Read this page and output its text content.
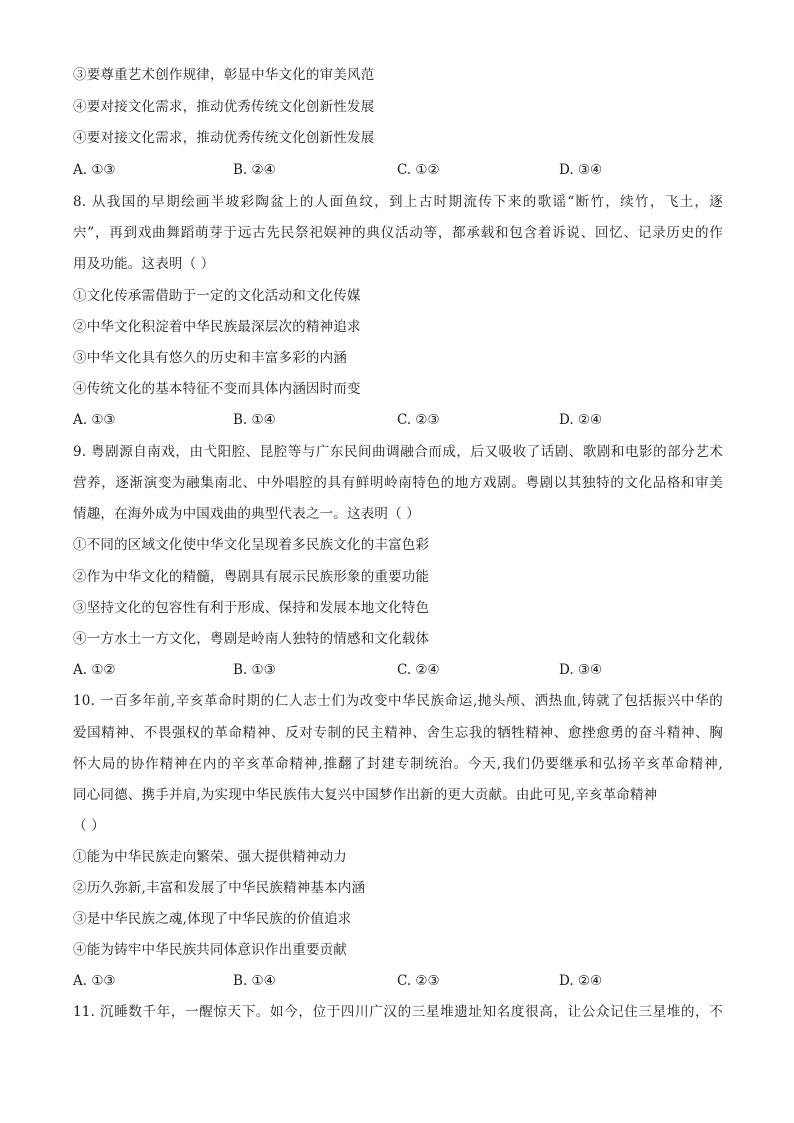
③要尊重艺术创作规律，彰显中华文化的审美风范
④要对接文化需求，推动优秀传统文化创新性发展
④要对接文化需求，推动优秀传统文化创新性发展
A. ①③	B. ②④	C. ①②	D. ③④
8. 从我国的早期绘画半坡彩陶盆上的人面鱼纹，到上古时期流传下来的歌谣“断竹，续竹，飞土，逐
宍”，再到戏曲舞蹈萌芽于远古先民祭祀娱神的典仪活动等，都承载和包含着诉说、回忆、记录历史的作
用及功能。这表明（ ）
①文化传承需借助于一定的文化活动和文化传媒
②中华文化积淀着中华民族最深层次的精神追求
③中华文化具有悠久的历史和丰富多彩的内涵
④传统文化的基本特征不变而具体内涵因时而变
A. ①③	B. ①④	C. ②③	D. ②④
9. 粤剧源自南戏，由弋阳腔、昆腔等与广东民间曲调融合而成，后又吸收了话剧、歌剧和电影的部分艺术
营养，逐渐演变为融集南北、中外唱腔的具有鲜明岭南特色的地方戏剧。粤剧以其独特的文化品格和审美
情趣，在海外成为中国戏曲的典型代表之一。这表明（ ）
①不同的区域文化使中华文化呈现着多民族文化的丰富色彩
②作为中华文化的精髓，粤剧具有展示民族形象的重要功能
③坚持文化的包容性有利于形成、保持和发展本地文化特色
④一方水土一方文化，粤剧是岭南人独特的情感和文化载体
A. ①②	B. ①③	C. ②④	D. ③④
10. 一百多年前,辛亥革命时期的仁人志士们为改变中华民族命运,抛头颅、洒热血,铸就了包括振兴中华的
爱国精神、不畏强权的革命精神、反对专制的民主精神、舍生忘我的牺牲精神、愈挫愈勇的奋斗精神、胸
怀大局的协作精神在内的辛亥革命精神,推翻了封建专制统治。今天,我们仍要继承和弘扬辛亥革命精神,
同心同德、携手并肩,为实现中华民族伟大复兴中国梦作出新的更大贡献。由此可见,辛亥革命精神
（ ）
①能为中华民族走向繁荣、强大提供精神动力
②历久弥新,丰富和发展了中华民族精神基本内涵
③是中华民族之魂,体现了中华民族的价值追求
④能为铸牢中华民族共同体意识作出重要贡献
A. ①③	B. ①④	C. ②③	D. ②④
11. 沉睡数千年，一醒惊天下。如今，位于四川广汉的三星堆遗址知名度很高，让公众记住三星堆的，不
